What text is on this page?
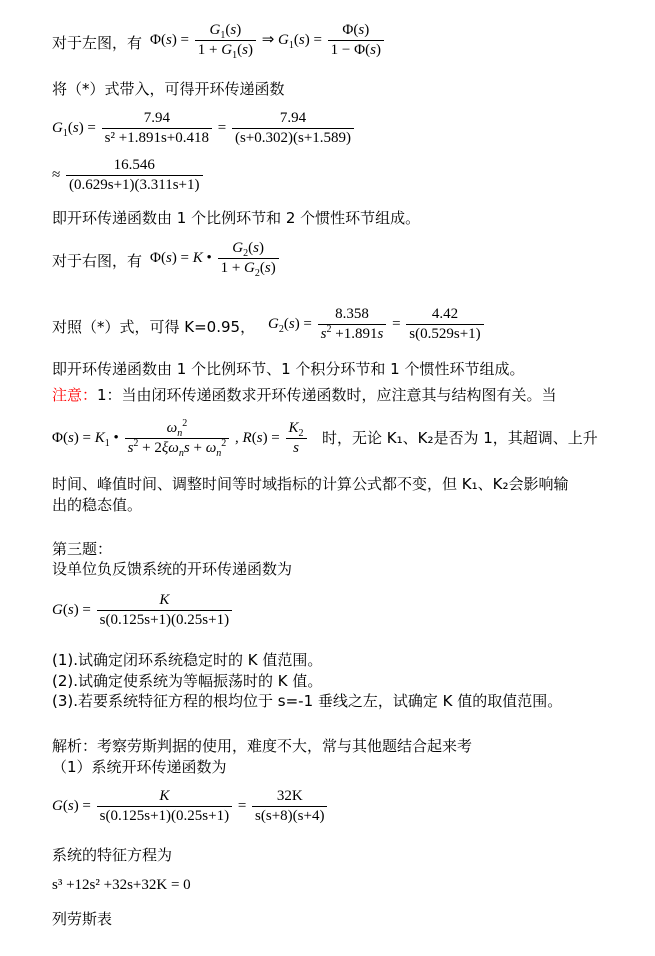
对于左图，有 $\Phi(s) = \frac{G_1(s)}{1 + G_1(s)}$ ⇒ $G_1(s) = \frac{\Phi(s)}{1 - \Phi(s)}$
将（*）式带入，可得开环传递函数
$G_1(s) = \frac{7.94}{\text{s² +1.891s+0.418}} = \frac{7.94}{(s+0.302)(s+1.589)}$
≈ $\frac{16.546}{(0.629s+1)(3.311s+1)}$
即开环传递函数由 1 个比例环节和 2 个惯性环节组成。
对于右图，有 Φ(s) = K • $\frac{G_2(s)}{1 + G_2(s)}$
对照（*）式，可得 K=0.95， $G_2(s) = \frac{8.358}{s^2 +1.891s} = \frac{4.42}{s(0.529s+1)}$
即开环传递函数由 1 个比例环节、1 个积分环节和 1 个惯性环节组成。
注意：1：当由闭环传递函数求开环传递函数时，应注意其与结构图有关。当
$\Phi(s) = K_1$ • $\frac{\omega_n^2}{s^2 + 2\xi\omega_ns + \omega_n^2}$ , $R(s) = \frac{K_2}{s}$ 时，无论 K₁、K₂是否为 1，其超调、上升
时间、峰值时间、调整时间等时域指标的计算公式都不变，但 K₁、K₂会影响输
出的稳态值。
第三题：
设单位负反馈系统的开环传递函数为
$G(s) = \frac{K}{s(0.125s+1)(0.25s+1)}$
(1).试确定闭环系统稳定时的 K 值范围。
(2).试确定使系统为等幅振荡时的 K 值。
(3).若要系统特征方程的根均位于 s=-1 垂线之左，试确定 K 值的取值范围。
解析：考察劳斯判据的使用，难度不大，常与其他题结合起来考
（1）系统开环传递函数为
$G(s) = \frac{K}{s(0.125s+1)(0.25s+1)} = \frac{32K}{s(s+8)(s+4)}$
系统的特征方程为
s³ +12s² +32s+32K = 0
列劳斯表
